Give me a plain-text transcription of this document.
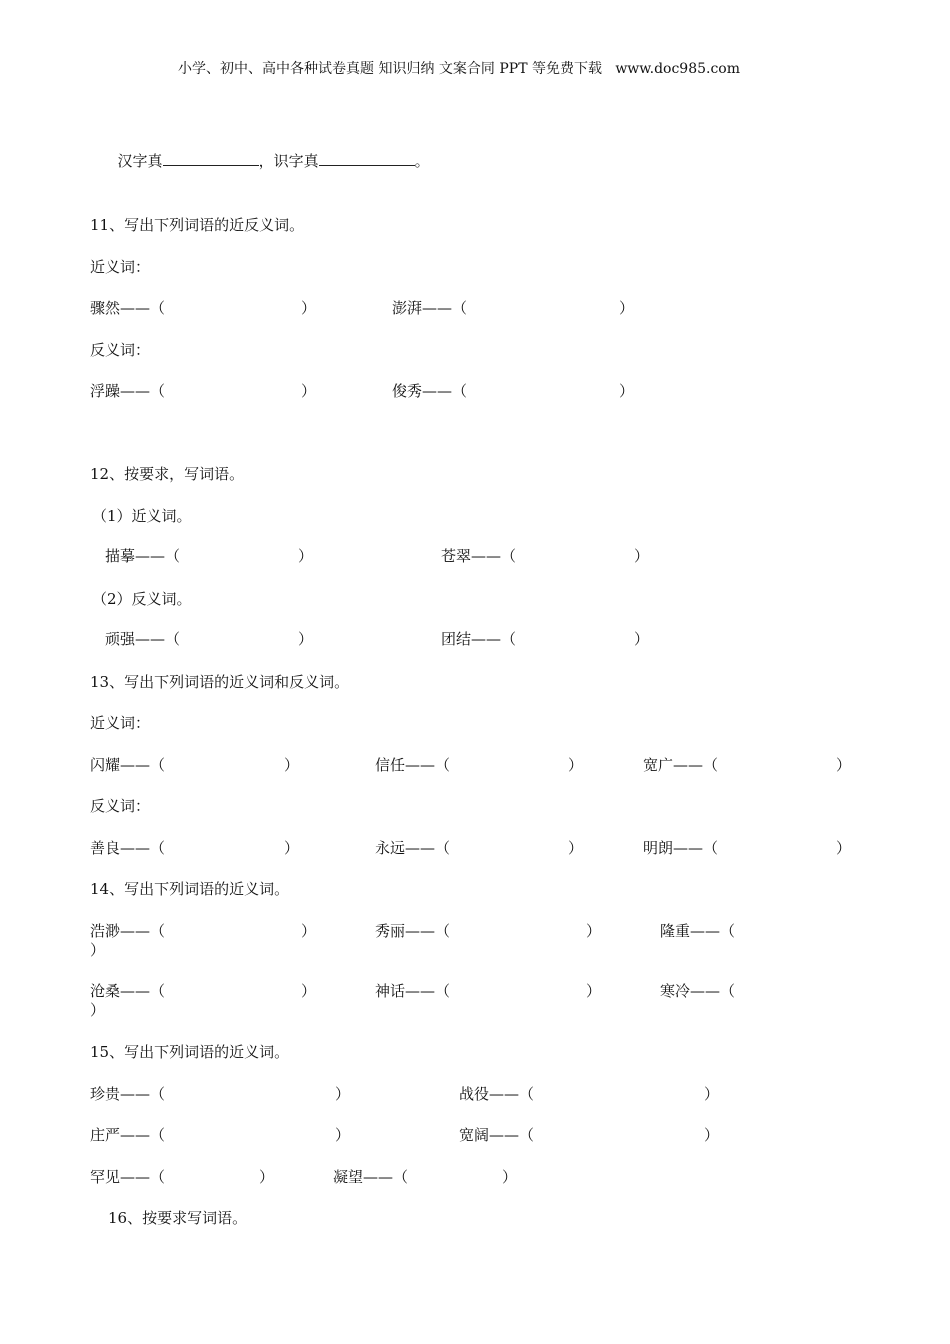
小学、初中、高中各种试卷真题 知识归纳 文案合同 PPT 等免费下载   www.doc985.com

汉字真	，识字真	。

11、写出下列词语的近反义词。
近义词：
骤然——（	）	澎湃——（	）
反义词：
浮躁——（	）	俊秀——（	）
12、按要求，写词语。
（1）近义词。
描摹——（	）	苍翠——（	）
（2）反义词。
顽强——（	）	团结——（	）
13、写出下列词语的近义词和反义词。
近义词：
闪耀——（	）	信任——（	）	宽广——（	）
反义词：
善良——（	）	永远——（	）	明朗——（	）
14、写出下列词语的近义词。
浩渺——（	）	秀丽——（	）	隆重——（
）
沧桑——（	）	神话——（	）	寒冷——（
）
15、写出下列词语的近义词。
珍贵——（	）	战役——（	）
庄严——（	）	宽阔——（	）
罕见——（	）	凝望——（	）
16、按要求写词语。
